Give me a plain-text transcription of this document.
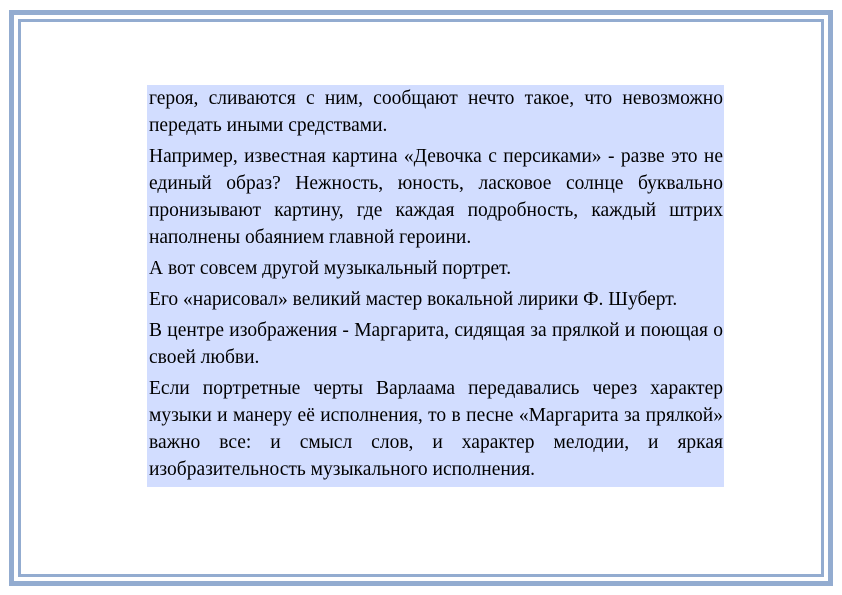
героя, сливаются с ним, сообщают нечто такое, что невозможно передать иными средствами.

Например, известная картина «Девочка с персиками» - разве это не единый образ? Нежность, юность, ласковое солнце буквально пронизывают картину, где каждая подробность, каждый штрих наполнены обаянием главной героини.

А вот совсем другой музыкальный портрет.

Его «нарисовал» великий мастер вокальной лирики Ф. Шуберт.

В центре изображения - Маргарита, сидящая за прялкой и поющая о своей любви.

Если портретные черты Варлаама передавались через характер музыки и манеру её исполнения, то в песне «Маргарита за прялкой» важно все: и смысл слов, и характер мелодии, и яркая изобразительность музыкального исполнения.
